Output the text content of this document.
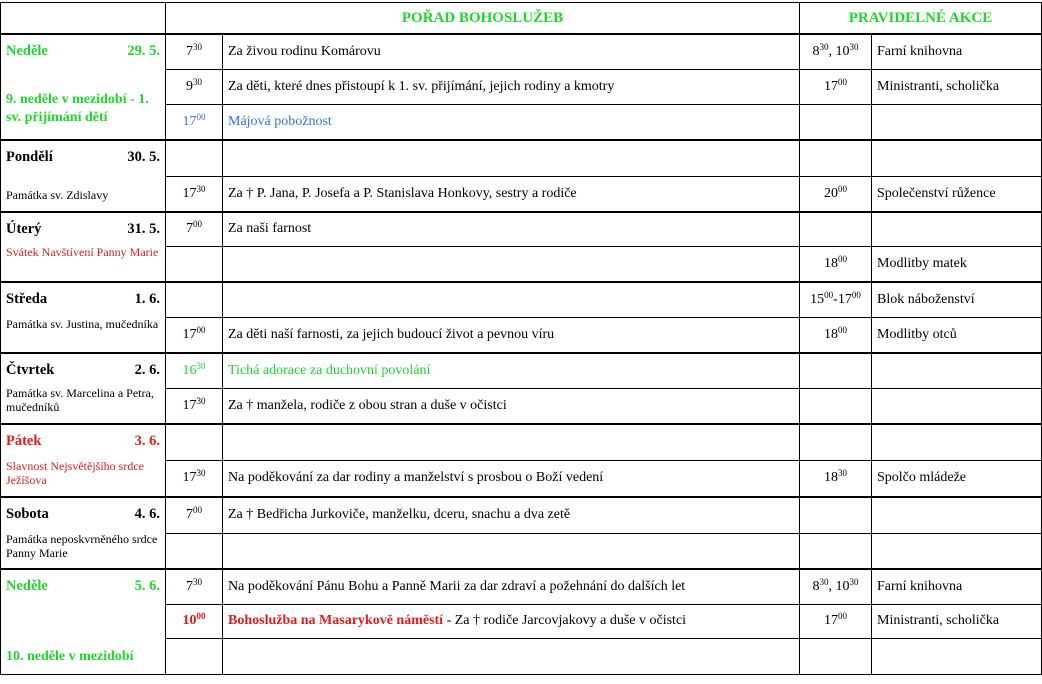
	POŘAD BOHOSLUŽEB		PRAVIDELNÉ AKCE	

Neděle 29. 5.
9. neděle v mezidobí - 1. sv. přijímání dětí	$7^{30}$	Za živou rodinu Komárovu	$8^{30}$, $10^{30}$	Farní knihovna
	$9^{30}$	Za děti, které dnes přistoupí k 1. sv. přijímání, jejich rodiny a kmotry	$17^{00}$	Ministranti, scholička
	$17^{00}$	Májová pobožnost		

Pondělí 30. 5.
Památka sv. Zdislavy				

	$17^{30}$	Za † P. Jana, P. Josefa a P. Stanislava Honkovy, sestry a rodiče	$20^{00}$	Společenství růžence

Úterý 31. 5.
Svátek Navštívení Panny Marie	$7^{00}$	Za naši farnost		
			$18^{00}$	Modlitby matek

Středa 1. 6.
Památka sv. Justina, mučedníka			$15^{00}-17^{00}$	Blok náboženství
	$17^{00}$	Za děti naší farnosti, za jejich budoucí život a pevnou víru	$18^{00}$	Modlitby otců

Čtvrtek 2. 6.
Památka sv. Marcelina a Petra, mučedníků	$16^{30}$	Tichá adorace za duchovní povolání		
	$17^{30}$	Za † manžela, rodiče z obou stran a duše v očistci		

Pátek 3. 6.
Slavnost Nejsvětějšího srdce Ježíšova				

	$17^{30}$	Na poděkování za dar rodiny a manželství s prosbou o Boží vedení	$18^{30}$	Spolčo mládeže

Sobota 4. 6.
Památka neposkvrněného srdce Panny Marie	$7^{00}$	Za † Bedřicha Jurkoviče, manželku, dceru, snachu a dva zetě		

Neděle 5. 6.
10. neděle v mezidobí	$7^{30}$	Na poděkování Pánu Bohu a Panně Marii za dar zdraví a požehnání do dalších let	$8^{30}$, $10^{30}$	Farní knihovna
	$10^{00}$	Bohoslužba na Masarykově náměstí - Za † rodiče Jarcovjakovy a duše v očistci	$17^{00}$	Ministranti, scholička
